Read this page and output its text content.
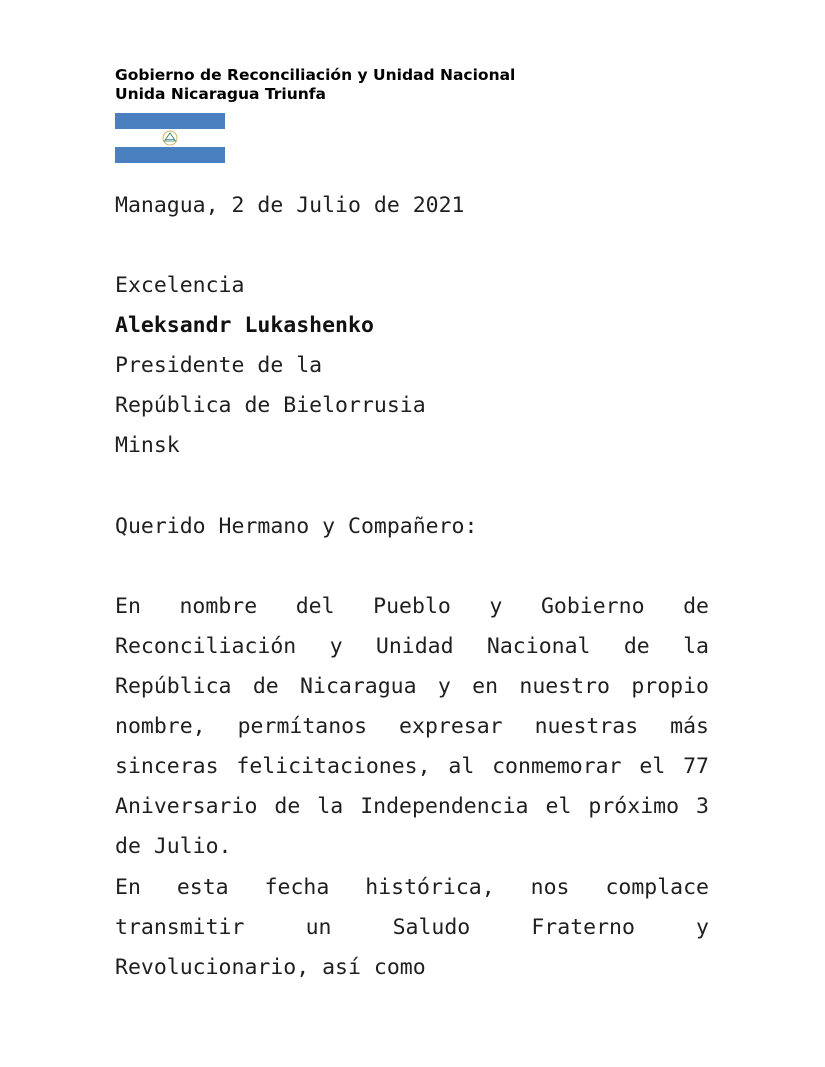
Gobierno de Reconciliación y Unidad Nacional
Unida Nicaragua Triunfa
Managua, 2 de Julio de 2021
Excelencia
Aleksandr Lukashenko
Presidente de la
República de Bielorrusia
Minsk
Querido Hermano y Compañero:
En nombre del Pueblo y Gobierno de Reconciliación y Unidad Nacional de la República de Nicaragua y en nuestro propio nombre, permítanos expresar nuestras más sinceras felicitaciones, al conmemorar el 77 Aniversario de la Independencia el próximo 3 de Julio.
En esta fecha histórica, nos complace transmitir un Saludo Fraterno y Revolucionario, así como
